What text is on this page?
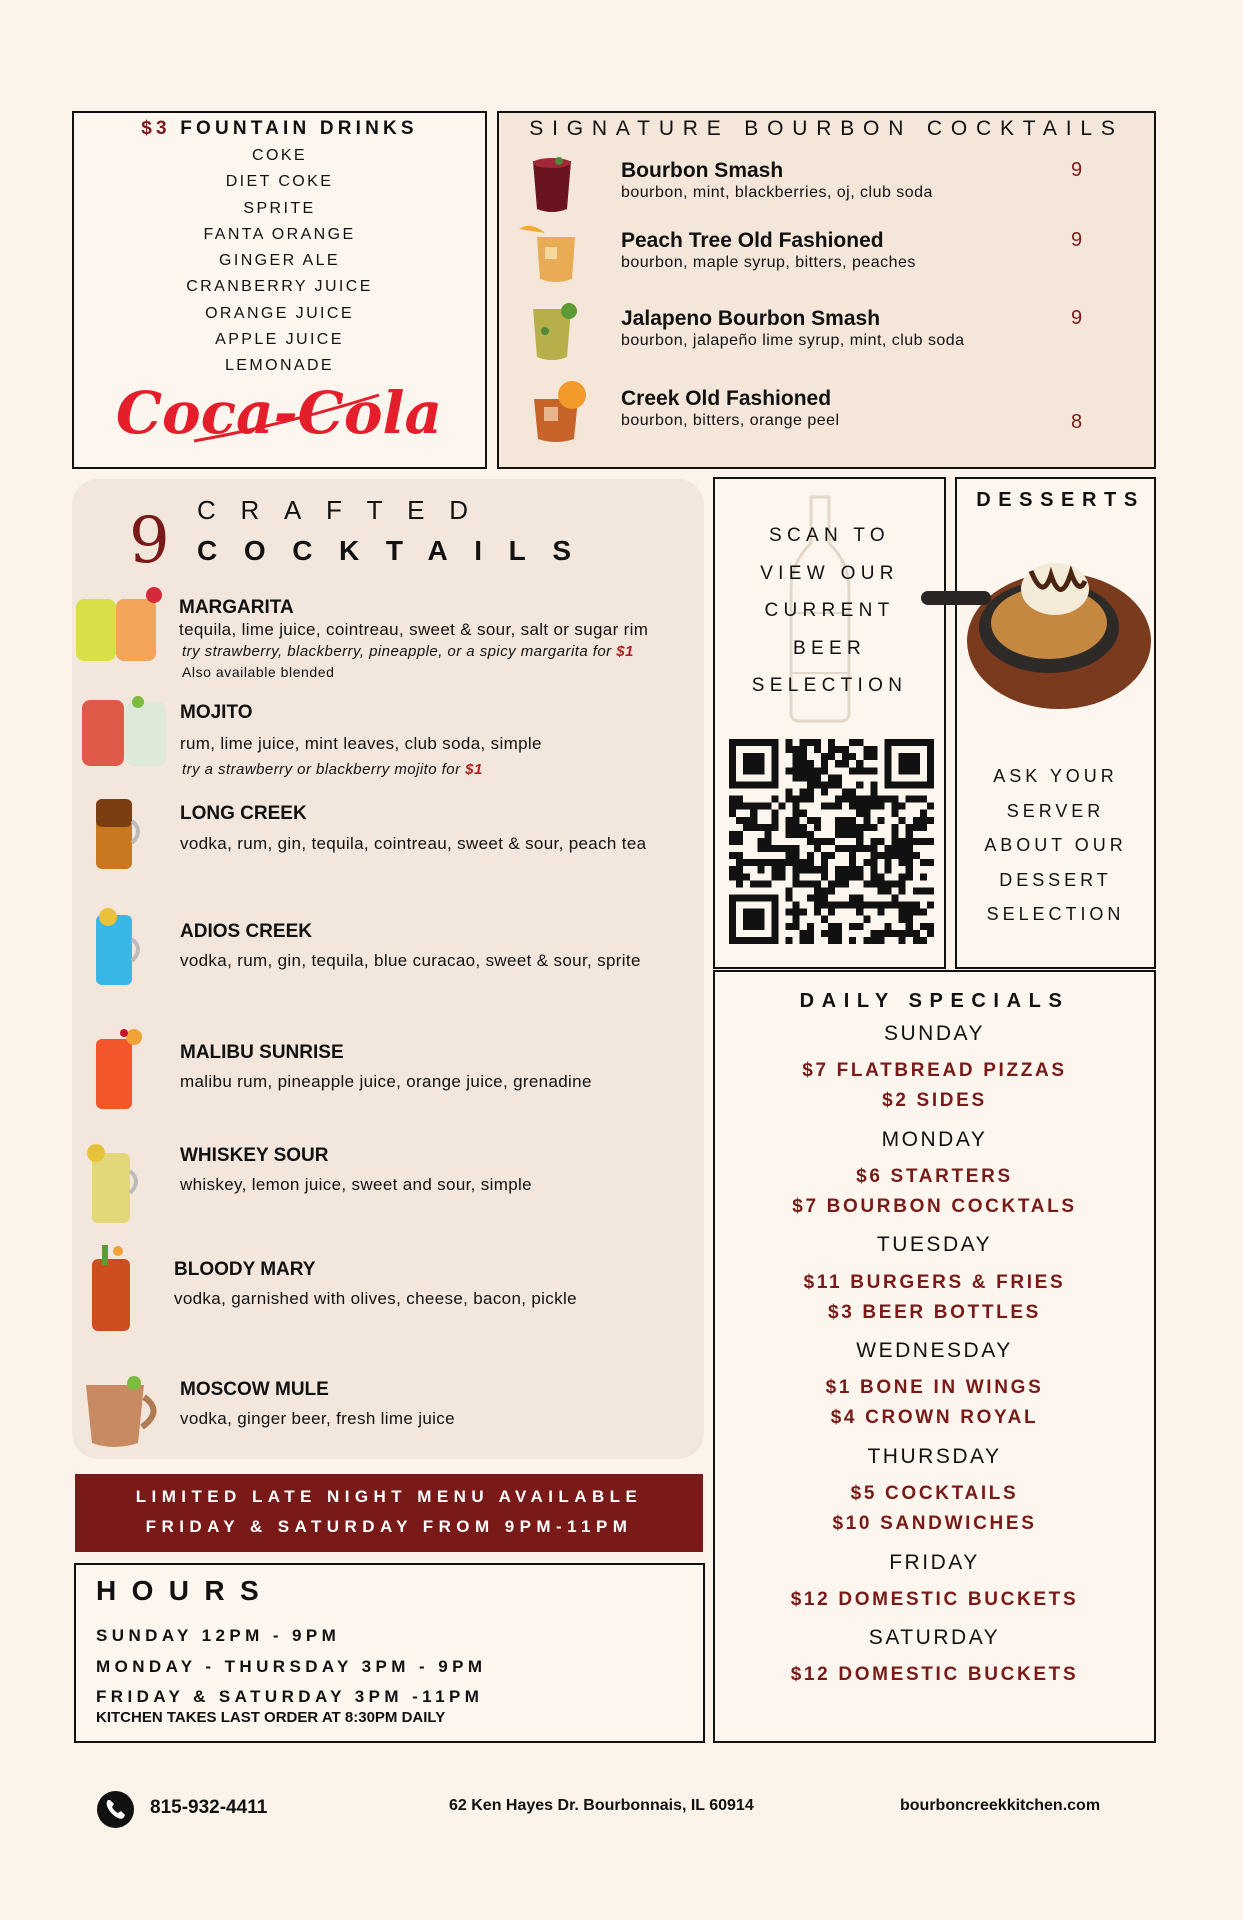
$3 FOUNTAIN DRINKS
COKE
DIET COKE
SPRITE
FANTA ORANGE
GINGER ALE
CRANBERRY JUICE
ORANGE JUICE
APPLE JUICE
LEMONADE
Coca-Cola
SIGNATURE BOURBON COCKTAILS
Bourbon Smash
bourbon, mint, blackberries, oj, club soda
9
Peach Tree Old Fashioned
bourbon, maple syrup, bitters, peaches
9
Jalapeno Bourbon Smash
bourbon, jalapeño lime syrup, mint, club soda
9
Creek Old Fashioned
bourbon, bitters, orange peel	8
9 CRAFTED
COCKTAILS
MARGARITA
tequila, lime juice, cointreau, sweet & sour, salt or sugar rim
try strawberry, blackberry, pineapple, or a spicy margarita for $1
Also available blended
MOJITO
rum, lime juice, mint leaves, club soda, simple
try a strawberry or blackberry mojito for $1
LONG CREEK
vodka, rum, gin, tequila, cointreau, sweet & sour, peach tea
ADIOS CREEK
vodka, rum, gin, tequila, blue curacao, sweet & sour, sprite
MALIBU SUNRISE
malibu rum, pineapple juice, orange juice, grenadine
WHISKEY SOUR
whiskey, lemon juice, sweet and sour, simple
BLOODY MARY
vodka, garnished with olives, cheese, bacon, pickle
MOSCOW MULE
vodka, ginger beer, fresh lime juice
LIMITED LATE NIGHT MENU AVAILABLE
FRIDAY & SATURDAY FROM 9PM-11PM
HOURS
SUNDAY 12PM - 9PM
MONDAY - THURSDAY 3PM - 9PM
FRIDAY & SATURDAY 3PM -11PM
KITCHEN TAKES LAST ORDER AT 8:30PM DAILY
SCAN TO
VIEW OUR
CURRENT
BEER
SELECTION
DESSERTS
ASK YOUR
SERVER
ABOUT OUR
DESSERT
SELECTION
DAILY SPECIALS
SUNDAY
$7 FLATBREAD PIZZAS
$2 SIDES
MONDAY
$6 STARTERS
$7 BOURBON COCKTALS
TUESDAY
$11 BURGERS & FRIES
$3 BEER BOTTLES
WEDNESDAY
$1 BONE IN WINGS
$4 CROWN ROYAL
THURSDAY
$5 COCKTAILS
$10 SANDWICHES
FRIDAY
$12 DOMESTIC BUCKETS
SATURDAY
$12 DOMESTIC BUCKETS
815-932-4411	62 Ken Hayes Dr. Bourbonnais, IL 60914	bourboncreekkitchen.com
